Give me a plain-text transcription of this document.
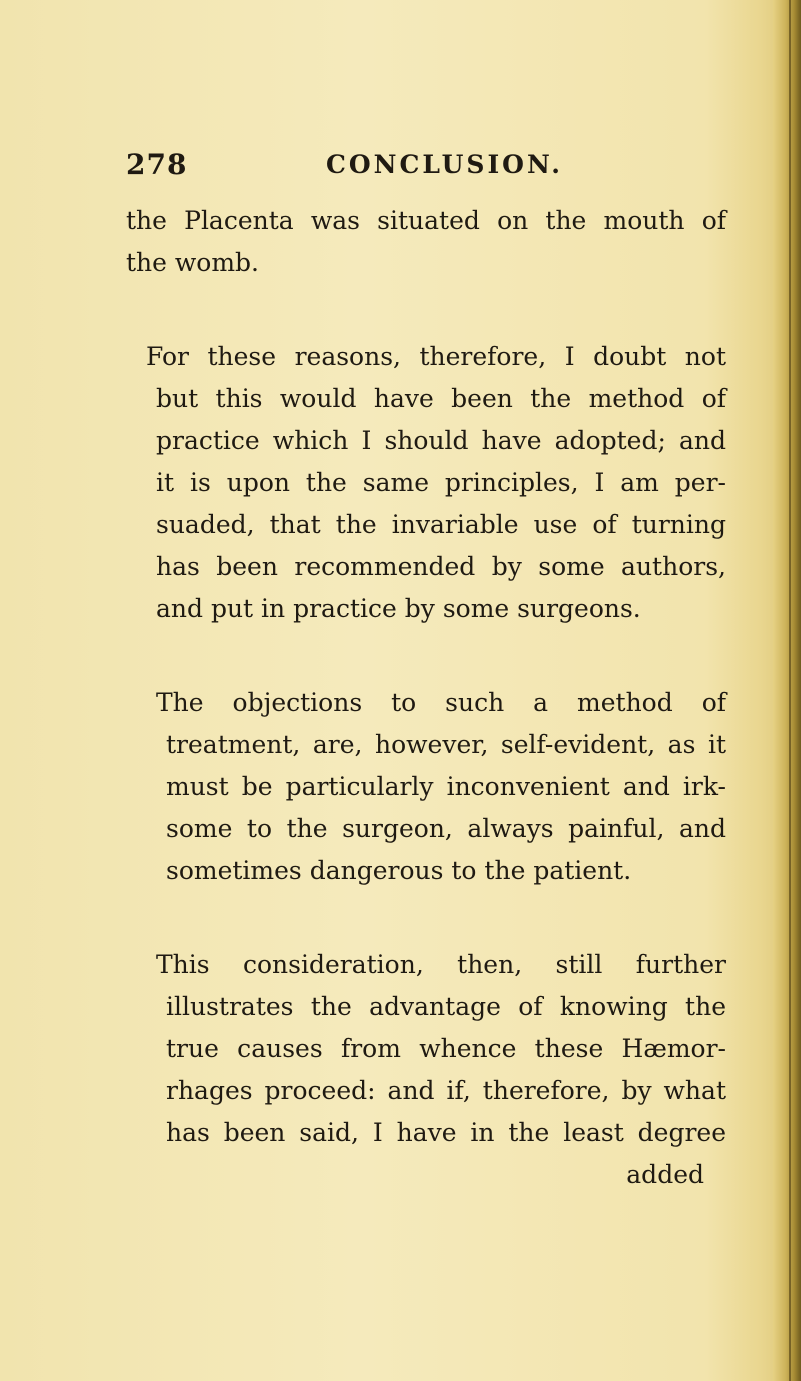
278	CONCLUSION.
the Placenta was situated on the mouth of
the womb.
For these reasons, therefore, I doubt not
but this would have been the method of
practice which I should have adopted; and
it is upon the same principles, I am per-
suaded, that the invariable use of turning
has been recommended by some authors,
and put in practice by some surgeons.
The objections to such a method of
treatment, are, however, self-evident, as it
must be particularly inconvenient and irk-
some to the surgeon, always painful, and
sometimes dangerous to the patient.
This consideration, then, still further
illustrates the advantage of knowing the
true causes from whence these Hæmor-
rhages proceed: and if, therefore, by what
has been said, I have in the least degree
added
